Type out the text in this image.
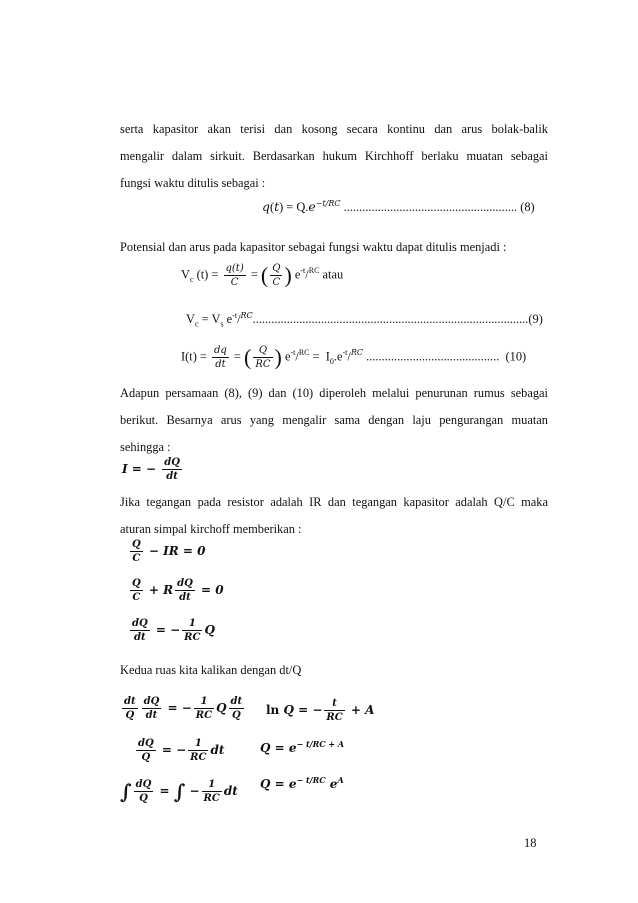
serta kapasitor akan terisi dan kosong secara kontinu dan arus bolak-balik
mengalir dalam sirkuit. Berdasarkan hukum Kirchhoff berlaku muatan sebagai
fungsi waktu ditulis sebagai :
$q(t) = Q.e^{-t/RC}$ ........................................................ (8)
Potensial dan arus pada kapasitor sebagai fungsi waktu dapat ditulis menjadi :
$V_c$ $(t) = \frac{q(t)}{C}$ = ( $\frac{Q}{C}$ ) $e^{-t}/^{RC}$ atau
$V_c = V_s$ $e^{-t}/^{RC}.........................................................................................(9)$
$I(t) = \frac{dq}{dt}$ = ( $\frac{Q}{RC}$ ) $e^{-t}/^{RC} = I_0.e^{-t}/^{RC}$ ........................................... (10)
Adapun persamaan (8), (9) dan (10) diperoleh melalui penurunan rumus sebagai
berikut. Besarnya arus yang mengalir sama dengan laju pengurangan muatan
sehingga :
I = − $\frac{dQ}{dt}$
Jika tegangan pada resistor adalah IR dan tegangan kapasitor adalah Q/C maka
aturan simpal kirchoff memberikan :
$\frac{Q}{C}$ − IR = 0
$\frac{Q}{C} + R \frac{dQ}{dt} = 0$
$\frac{dQ}{dt}$ = − $\frac{1}{RC}$ Q
Kedua ruas kita kalikan dengan dt/Q
$\frac{dt}{Q} \frac{dQ}{dt}$ = − $\frac{1}{RC}$ Q $\frac{dt}{Q}$
$\frac{dQ}{Q}$ = − $\frac{1}{RC}$ dt
∫ $\frac{dQ}{Q}$ = ∫ − $\frac{1}{RC}$ dt
ln Q = − $\frac{t}{RC} + A$
$Q = e^{- t/RC + A}$
$Q = e^{- t/RC}$ $e^A$
18
